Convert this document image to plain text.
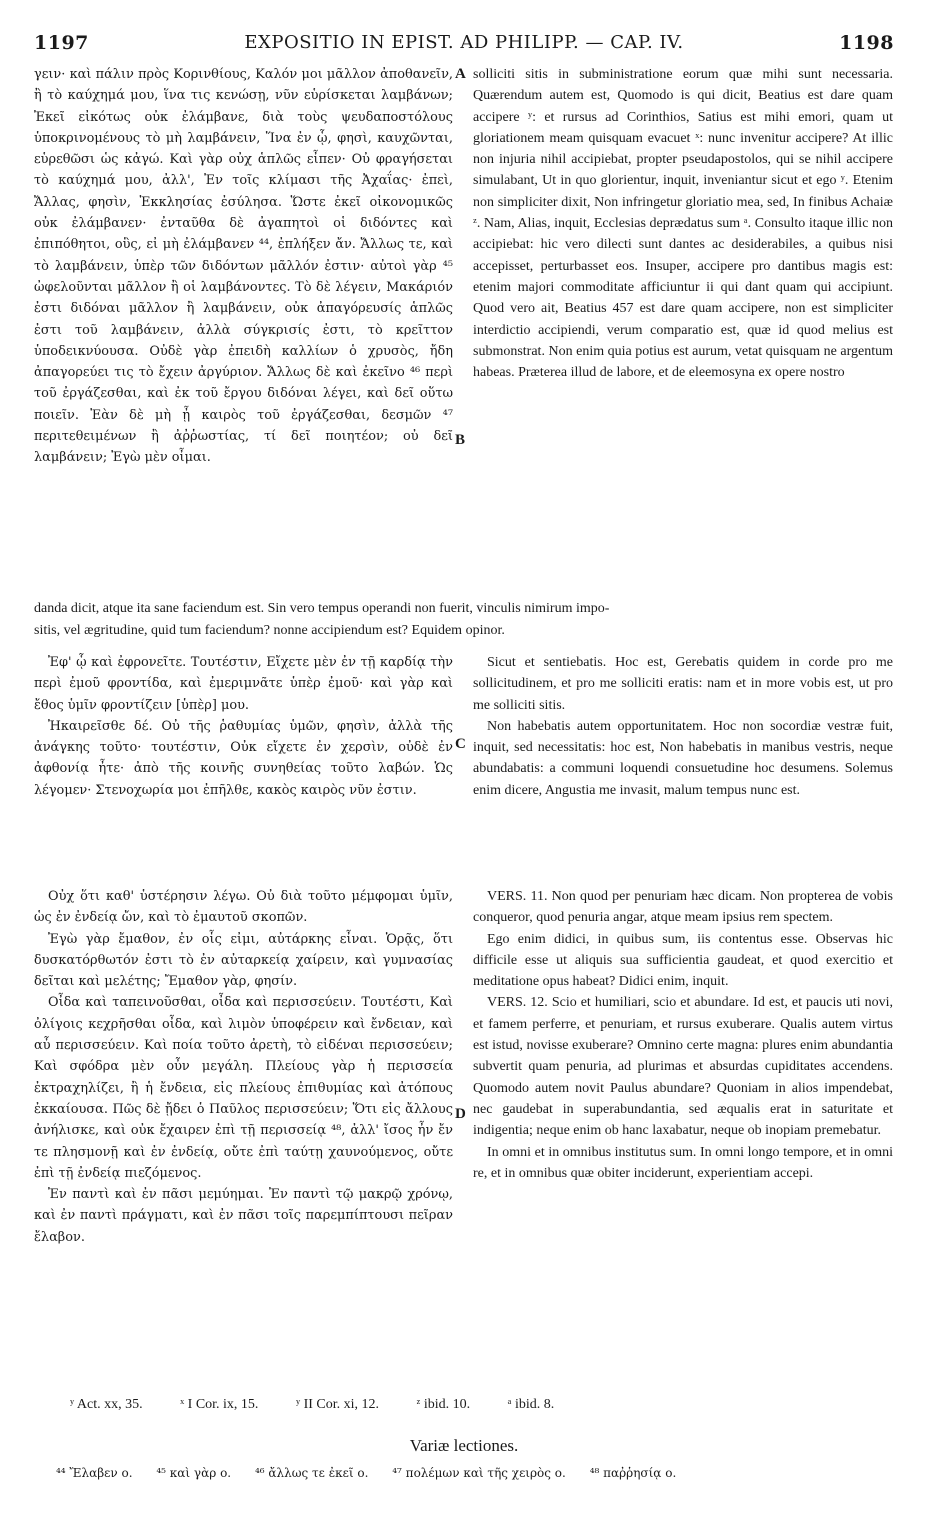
EXPOSITIO IN EPIST. AD PHILIPP. — CAP. IV.
1197	1198

γειν· καὶ πάλιν πρὸς Κορινθίους, Καλόν μοι μᾶλλον ἀποθανεῖν, ἢ τὸ καύχημά μου, ἵνα τις κενώσῃ, νῦν εὑρίσκεται λαμβάνων; Ἐκεῖ εἰκότως οὐκ ἐλάμβανε, διὰ τοὺς ψευδαποστόλους ὑποκρινομένους τὸ μὴ λαμβάνειν, Ἵνα ἐν ᾧ, φησὶ, καυχῶνται, εὑρεθῶσι ὡς κἀγώ. Καὶ γὰρ οὐχ ἁπλῶς εἶπεν· Οὐ φραγήσεται τὸ καύχημά μου, ἀλλ', Ἐν τοῖς κλίμασι τῆς Ἀχαΐας· ἐπεὶ, Ἄλλας, φησὶν, Ἐκκλησίας ἐσύλησα. Ὥστε ἐκεῖ οἰκονομικῶς οὐκ ἐλάμβανεν· ἐνταῦθα δὲ ἀγαπητοὶ οἱ διδόντες καὶ ἐπιπόθητοι, οὓς, εἰ μὴ ἐλάμβανεν ⁴⁴, ἐπλήξεν ἄν. Ἄλλως τε, καὶ τὸ λαμβάνειν, ὑπὲρ τῶν διδόντων μᾶλλόν ἐστιν· αὐτοὶ γὰρ ⁴⁵ ὠφελοῦνται μᾶλλον ἢ οἱ λαμβάνοντες. Τὸ δὲ λέγειν, Μακάριόν ἐστι διδόναι μᾶλλον ἢ λαμβάνειν, οὐκ ἀπαγόρευσίς ἁπλῶς ἐστι τοῦ λαμβάνειν, ἀλλὰ σύγκρισίς ἐστι, τὸ κρεῖττον ὑποδεικνύουσα. Οὐδὲ γὰρ ἐπειδὴ καλλίων ὁ χρυσὸς, ἤδη ἀπαγορεύει τις τὸ ἔχειν ἀργύριον. Ἄλλως δὲ καὶ ἐκεῖνο ⁴⁶ περὶ τοῦ ἐργάζεσθαι, καὶ ἐκ τοῦ ἔργου διδόναι λέγει, καὶ δεῖ οὕτω ποιεῖν. Ἐὰν δὲ μὴ ᾖ καιρὸς τοῦ ἐργάζεσθαι, δεσμῶν ⁴⁷ περιτεθειμένων ἢ ἀῤῥωστίας, τί δεῖ ποιητέον; οὐ δεῖ λαμβάνειν; Ἐγὼ μὲν οἶμαι.

solliciti sitis in subministratione eorum quæ mihi sunt necessaria. Quærendum autem est, Quomodo is qui dicit, Beatius est dare quam accipere ʸ: et rursus ad Corinthios, Satius est mihi emori, quam ut gloriationem meam quisquam evacuet ˣ: nunc invenitur accipere? At illic non injuria nihil accipiebat, propter pseudapostolos, qui se nihil accipere simulabant, Ut in quo glorientur, inquit, inveniantur sicut et ego ʸ. Etenim non simpliciter dixit, Non infringetur gloriatio mea, sed, In finibus Achaiæ ᶻ. Nam, Alias, inquit, Ecclesias deprædatus sum ᵃ. Consulto itaque illic non accipiebat: hic vero dilecti sunt dantes ac desiderabiles, a quibus nisi accepisset, perturbasset eos. Insuper, accipere pro dantibus magis est: etenim majori commoditate afficiuntur ii qui dant quam qui accipiunt. Quod vero ait, Beatius 457 est dare quam accipere, non est simpliciter interdictio accipiendi, verum comparatio est, quæ id quod melius est submonstrat. Non enim quia potius est aurum, vetat quisquam ne argentum habeas. Præterea illud de labore, et de eleemosyna ex opere nostro

A
B
danda dicit, atque ita sane faciendum est. Sin vero tempus operandi non fuerit, vinculis nimirum impo-
sitis, vel ægritudine, quid tum faciendum? nonne accipiendum est? Equidem opinor.

Ἐφ' ᾧ καὶ ἐφρονεῖτε. Τουτέστιν, Εἴχετε μὲν ἐν τῇ καρδίᾳ τὴν περὶ ἐμοῦ φροντίδα, καὶ ἐμεριμνᾶτε ὑπὲρ ἐμοῦ· καὶ γὰρ καὶ ἔθος ὑμῖν φροντίζειν [ὑπὲρ] μου.

Ἠκαιρεῖσθε δέ. Οὐ τῆς ῥαθυμίας ὑμῶν, φησὶν, ἀλλὰ τῆς ἀνάγκης τοῦτο· τουτέστιν, Οὐκ εἴχετε ἐν χερσὶν, οὐδὲ ἐν ἀφθονίᾳ ἦτε· ἀπὸ τῆς κοινῆς συνηθείας τοῦτο λαβών. Ὡς λέγομεν· Στενοχωρία μοι ἐπῆλθε, κακὸς καιρὸς νῦν ἐστιν.

Sicut et sentiebatis. Hoc est, Gerebatis quidem in corde pro me sollicitudinem, et pro me solliciti eratis: nam et in more vobis est, ut pro me solliciti sitis.

Non habebatis autem opportunitatem. Hoc non socordiæ vestræ fuit, inquit, sed necessitatis: hoc est, Non habebatis in manibus vestris, neque abundabatis: a communi loquendi consuetudine hoc desumens. Solemus enim dicere, Angustia me invasit, malum tempus nunc est.

C

Οὐχ ὅτι καθ' ὑστέρησιν λέγω. Οὐ διὰ τοῦτο μέμφομαι ὑμῖν, ὡς ἐν ἐνδείᾳ ὤν, καὶ τὸ ἐμαυτοῦ σκοπῶν.

Ἐγὼ γὰρ ἔμαθον, ἐν οἷς εἰμι, αὐτάρκης εἶναι. Ὁρᾷς, ὅτι δυσκατόρθωτόν ἐστι τὸ ἐν αὐταρκείᾳ χαίρειν, καὶ γυμνασίας δεῖται καὶ μελέτης; Ἔμαθον γὰρ, φησίν.

Οἶδα καὶ ταπεινοῦσθαι, οἶδα καὶ περισσεύειν. Τουτέστι, Καὶ ὀλίγοις κεχρῆσθαι οἶδα, καὶ λιμὸν ὑποφέρειν καὶ ἔνδειαν, καὶ αὖ περισσεύειν. Καὶ ποία τοῦτο ἀρετὴ, τὸ εἰδέναι περισσεύειν; Καὶ σφόδρα μὲν οὖν μεγάλη. Πλείους γὰρ ἡ περισσεία ἐκτραχηλίζει, ἢ ἡ ἔνδεια, εἰς πλείους ἐπιθυμίας καὶ ἀτόπους ἐκκαίουσα. Πῶς δὲ ᾔδει ὁ Παῦλος περισσεύειν; Ὅτι εἰς ἄλλους ἀνήλισκε, καὶ οὐκ ἔχαιρεν ἐπὶ τῇ περισσείᾳ ⁴⁸, ἀλλ' ἴσος ἦν ἔν τε πλησμονῇ καὶ ἐν ἐνδείᾳ, οὔτε ἐπὶ ταύτῃ χαυνούμενος, οὔτε ἐπὶ τῇ ἐνδείᾳ πιεζόμενος.

Ἐν παντὶ καὶ ἐν πᾶσι μεμύημαι. Ἐν παντὶ τῷ μακρῷ χρόνῳ, καὶ ἐν παντὶ πράγματι, καὶ ἐν πᾶσι τοῖς παρεμπίπτουσι πεῖραν ἔλαβον.

VERS. 11. Non quod per penuriam hæc dicam. Non propterea de vobis conqueror, quod penuria angar, atque meam ipsius rem spectem.

Ego enim didici, in quibus sum, iis contentus esse. Observas hic difficile esse ut aliquis sua sufficientia gaudeat, et quod exercitio et meditatione opus habeat? Didici enim, inquit.

VERS. 12. Scio et humiliari, scio et abundare. Id est, et paucis uti novi, et famem perferre, et penuriam, et rursus exuberare. Qualis autem virtus est istud, novisse exuberare? Omnino certe magna: plures enim abundantia subvertit quam penuria, ad plurimas et absurdas cupiditates accendens. Quomodo autem novit Paulus abundare? Quoniam in alios impendebat, nec gaudebat in superabundantia, sed æqualis erat in saturitate et indigentia; neque enim ob hanc laxabatur, neque ob inopiam premebatur.

In omni et in omnibus institutus sum. In omni longo tempore, et in omni re, et in omnibus quæ obiter inciderunt, experientiam accepi.

D
ʸ Act. xx, 35.	ˣ I Cor. ix, 15.	ʸ II Cor. xi, 12.	ᶻ ibid. 10.	ᵃ ibid. 8.
Variæ lectiones.
⁴⁴ Ἔλαβεν ο. ⁴⁵ καὶ γὰρ ο. ⁴⁶ ἄλλως τε ἐκεῖ ο. ⁴⁷ πολέμων καὶ τῆς χειρὸς ο. ⁴⁸ παῤῥησίᾳ ο.
